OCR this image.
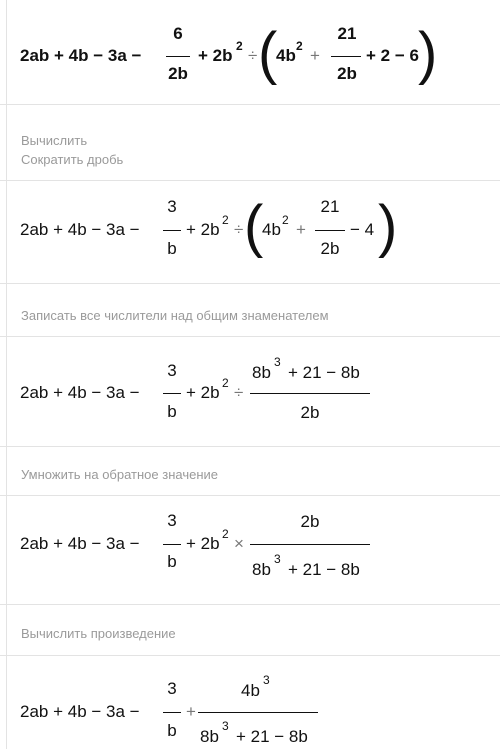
2ab + 4b − 3a −
6
2b
+ 2b 2 ÷ (
4b 2 +
21
2b
+ 2 − 6 )
Вычислить
Сократить дробь
2ab + 4b − 3a −
3
b
+ 2b 2 ÷ (
4b 2 +
21
2b
− 4 )
Записать все числители над общим знаменателем
2ab + 4b − 3a −
3
b
+ 2b 2 ÷
8b
3
+ 21 − 8b
2b
Умножить на обратное значение
2ab + 4b − 3a −
3
b
+ 2b 2 ×
2b
8b
3
+ 21 − 8b
Вычислить произведение
2ab + 4b − 3a −
3
b
+
4b
3
8b
3
+ 21 − 8b
